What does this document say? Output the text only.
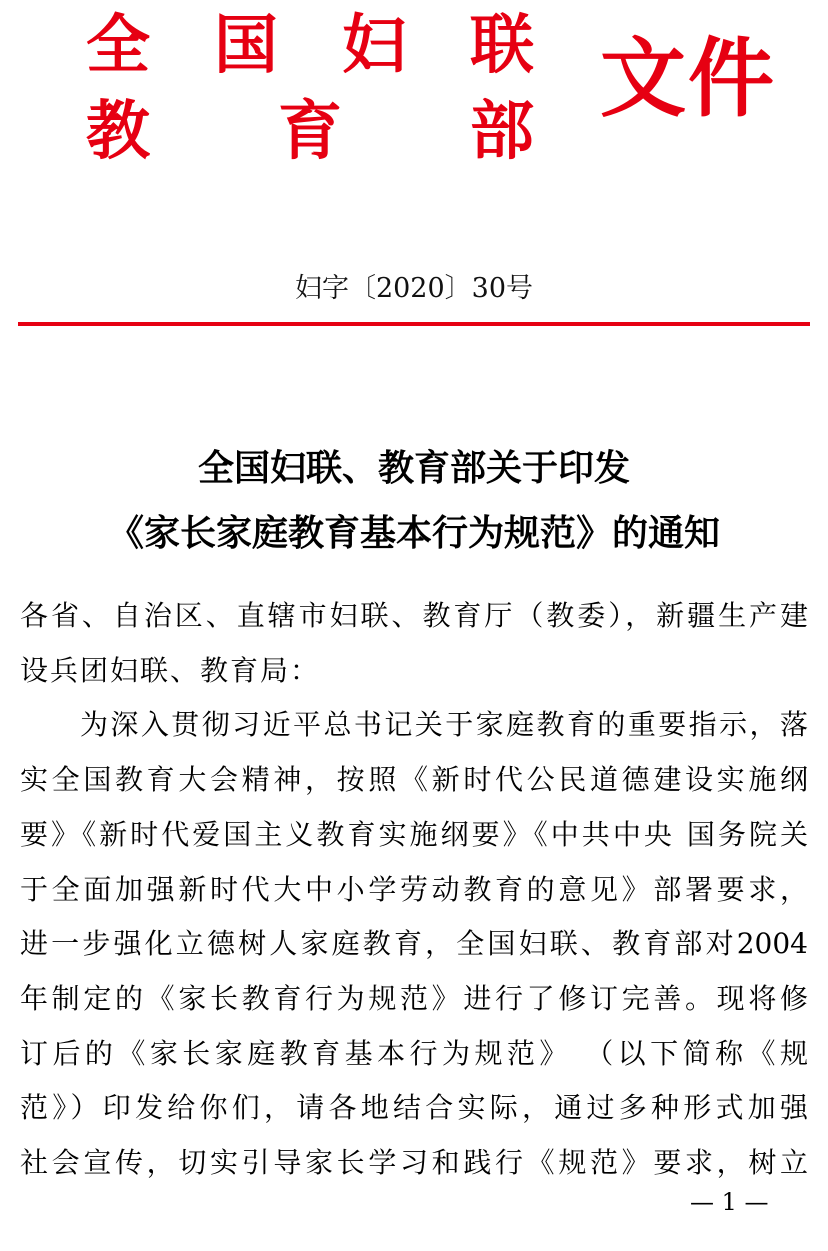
全 国 妇 联
教 育 部
文件
妇字〔2020〕30号
全国妇联、教育部关于印发
《家长家庭教育基本行为规范》的通知
各省、自治区、直辖市妇联、教育厅（教委），新疆生产建
设兵团妇联、教育局：
为深入贯彻习近平总书记关于家庭教育的重要指示，落
实全国教育大会精神，按照《新时代公民道德建设实施纲
要》《新时代爱国主义教育实施纲要》《中共中央 国务院关
于全面加强新时代大中小学劳动教育的意见》部署要求，
进一步强化立德树人家庭教育，全国妇联、教育部对2004
年制定的《家长教育行为规范》进行了修订完善。现将修
订后的《家长家庭教育基本行为规范》 （以下简称《规
范》）印发给你们，请各地结合实际，通过多种形式加强
社会宣传，切实引导家长学习和践行《规范》要求，树立
— 1 —
